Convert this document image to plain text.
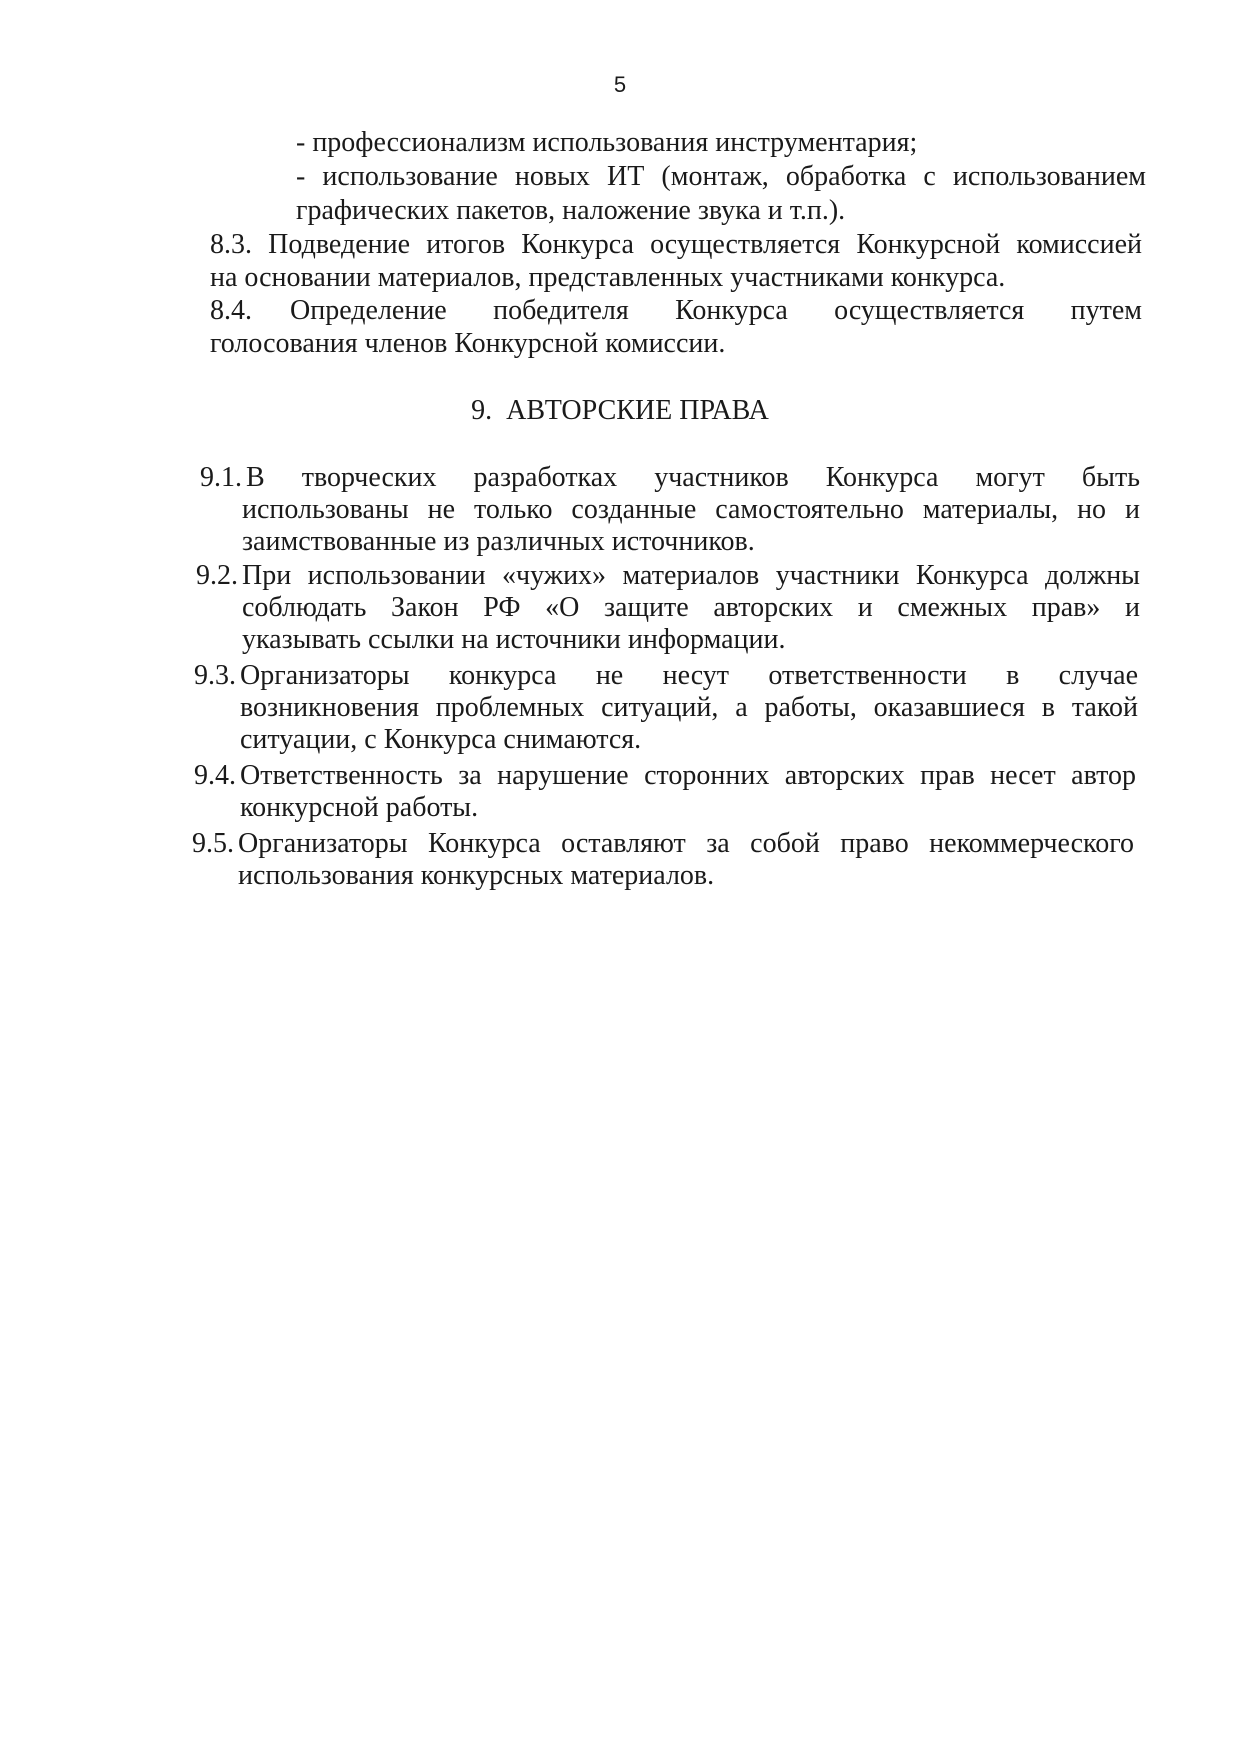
5
- профессионализм использования инструментария;
- использование новых ИТ (монтаж, обработка с использованием
графических пакетов, наложение звука и т.п.).
8.3. Подведение итогов Конкурса осуществляется Конкурсной комиссией
на основании материалов, представленных участниками конкурса.
8.4. Определение победителя Конкурса осуществляется путем
голосования членов Конкурсной комиссии.
9. АВТОРСКИЕ ПРАВА
9.1. В творческих разработках участников Конкурса могут быть
использованы не только созданные самостоятельно материалы, но и
заимствованные из различных источников.
9.2. При использовании «чужих» материалов участники Конкурса должны
соблюдать Закон РФ «О защите авторских и смежных прав» и
указывать ссылки на источники информации.
9.3. Организаторы конкурса не несут ответственности в случае
возникновения проблемных ситуаций, а работы, оказавшиеся в такой
ситуации, с Конкурса снимаются.
9.4. Ответственность за нарушение сторонних авторских прав несет автор
конкурсной работы.
9.5. Организаторы Конкурса оставляют за собой право некоммерческого
использования конкурсных материалов.
